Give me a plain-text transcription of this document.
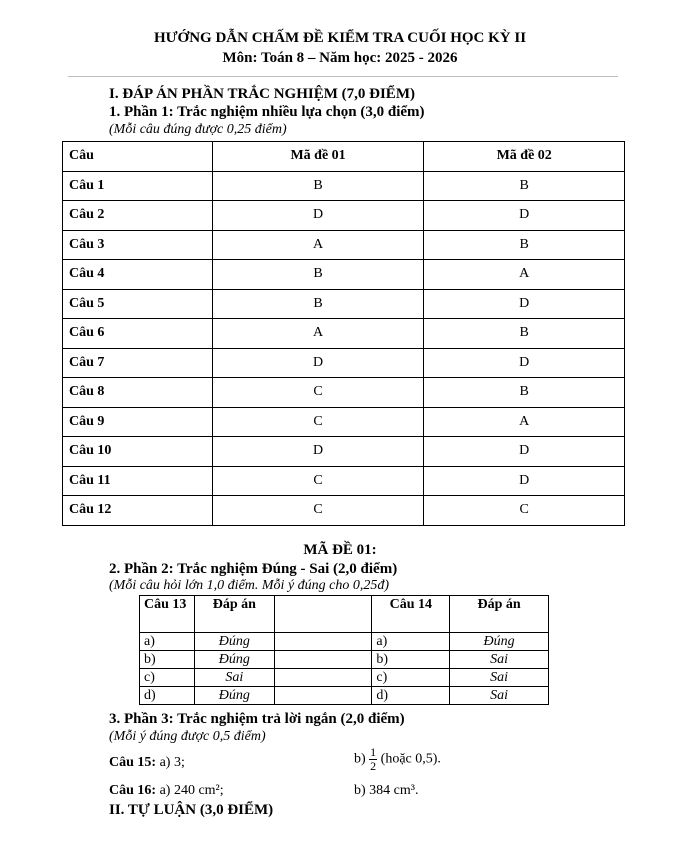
HƯỚNG DẪN CHẤM ĐỀ KIỂM TRA CUỐI HỌC KỲ II
Môn: Toán 8 – Năm học: 2025 - 2026
I. ĐÁP ÁN PHẦN TRẮC NGHIỆM (7,0 ĐIỂM)
1. Phần 1: Trắc nghiệm nhiều lựa chọn (3,0 điểm)
(Mỗi câu đúng được 0,25 điểm)
Câu	Mã đề 01	Mã đề 02
Câu 1	B	B
Câu 2	D	D
Câu 3	A	B
Câu 4	B	A
Câu 5	B	D
Câu 6	A	B
Câu 7	D	D
Câu 8	C	B
Câu 9	C	A
Câu 10	D	D
Câu 11	C	D
Câu 12	C	C
MÃ ĐỀ 01:
2. Phần 2: Trắc nghiệm Đúng - Sai (2,0 điểm)
(Mỗi câu hỏi lớn 1,0 điểm. Mỗi ý đúng cho 0,25đ)
Câu 13	Đáp án		Câu 14	Đáp án
a)	Đúng		a)	Đúng
b)	Đúng		b)	Sai
c)	Sai		c)	Sai
d)	Đúng		d)	Sai
3. Phần 3: Trắc nghiệm trả lời ngắn (2,0 điểm)
(Mỗi ý đúng được 0,5 điểm)
Câu 15: a) 3;	$b) \frac{1}{2}$ (hoặc 0,5).
Câu 16: a) 240 cm²;	b) 384 cm³.
II. TỰ LUẬN (3,0 ĐIỂM)
